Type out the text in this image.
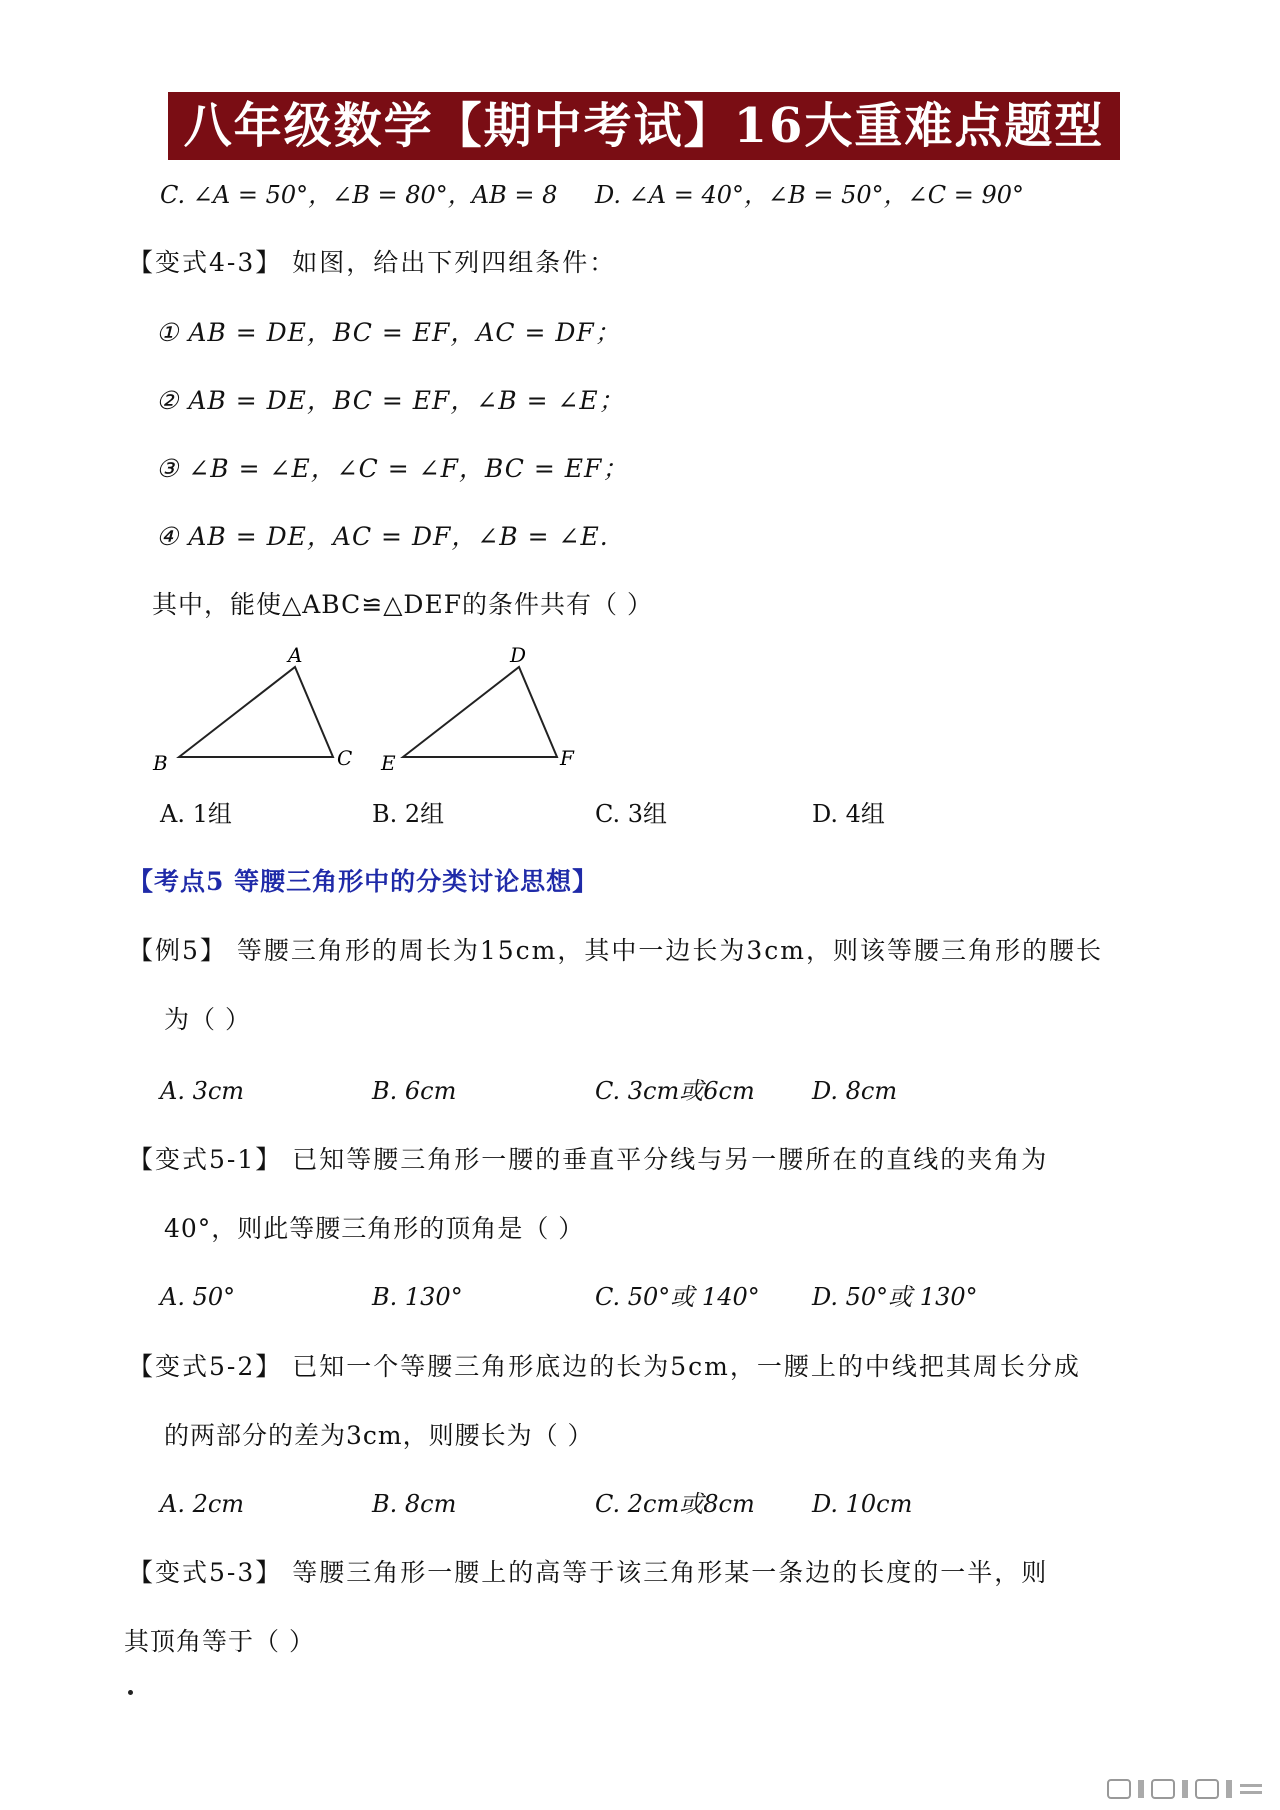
八年级数学【期中考试】16大重难点题型
C. ∠A = 50°，∠B = 80°，AB = 8 D. ∠A = 40°，∠B = 50°，∠C = 90°
【变式4-3】 如图，给出下列四组条件：
① AB = DE，BC = EF，AC = DF；
② AB = DE，BC = EF，∠B = ∠E；
③ ∠B = ∠E，∠C = ∠F，BC = EF；
④ AB = DE，AC = DF，∠B = ∠E.
其中，能使△ABC≌△DEF的条件共有（ ）
A
B	C
D
E	F
A. 1组	B. 2组	C. 3组	D. 4组
【考点5 等腰三角形中的分类讨论思想】
【例5】 等腰三角形的周长为15cm，其中一边长为3cm，则该等腰三角形的腰长
为（ ）
A. 3cm	B. 6cm	C. 3cm或6cm D. 8cm
【变式5-1】 已知等腰三角形一腰的垂直平分线与另一腰所在的直线的夹角为
40°，则此等腰三角形的顶角是（ ）
A. 50°	B. 130°	C. 50°或 140° D. 50°或 130°
【变式5-2】 已知一个等腰三角形底边的长为5cm，一腰上的中线把其周长分成
的两部分的差为3cm，则腰长为（ ）
A. 2cm	B. 8cm	C. 2cm或8cm D. 10cm
【变式5-3】 等腰三角形一腰上的高等于该三角形某一条边的长度的一半，则
其顶角等于（ ）
